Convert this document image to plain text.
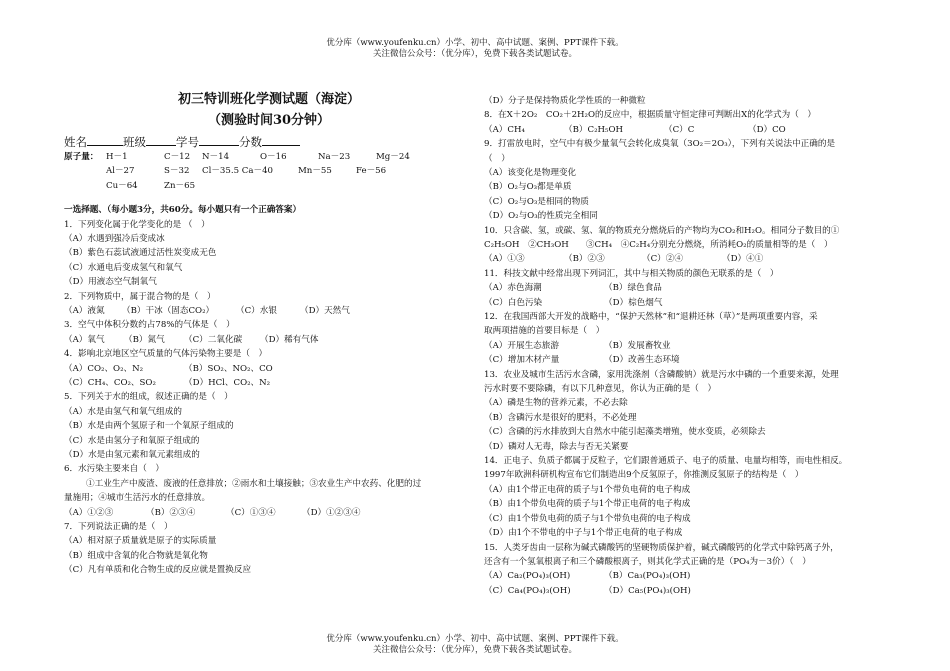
优分库（www.youfenku.cn）小学、初中、高中试题、案例、PPT课件下载。
关注微信公众号：（优分库），免费下载各类试题试卷。
初三特训班化学测试题（海淀）
（测验时间30分钟）
姓名	班级	学号	分数
原子量： H－1	C－12 N－14	O－16	Na－23	Mg－24
Al－27	S－32 Cl－35.5 Ca－40	Mn－55	Fe－56
Cu－64	Zn－65
一选择题、（每小题3分，共60分。每小题只有一个正确答案）
1．下列变化属于化学变化的是 （　）
（A）水遇到强冷后变成冰
（B）紫色石蕊试液通过活性炭变成无色
（C）水通电后变成氢气和氧气
（D）用液态空气制氧气
2．下列物质中，属于混合物的是（　）
（A）液氮 （B）干冰（固态CO₂）	（C）水银	（D）天然气
3．空气中体积分数约占78%的气体是（　）
（A）氧气 （B）氮气 （C）二氧化碳 （D）稀有气体
4．影响北京地区空气质量的气体污染物主要是（　）
（A）CO₂、O₂、N₂	（B）SO₂、NO₂、CO
（C）CH₄、CO₂、SO₂	（D）HCl、CO₂、N₂
5．下列关于水的组成，叙述正确的是（　）
（A）水是由氢气和氧气组成的
（B）水是由两个氢原子和一个氧原子组成的
（C）水是由氢分子和氧原子组成的
（D）水是由氢元素和氧元素组成的
6．水污染主要来自（　）
①工业生产中废渣、废液的任意排放；②雨水和土壤接触；③农业生产中农药、化肥的过
量施用；④城市生活污水的任意排放。
（A）①②③	（B）②③④	（C）①③④	（D）①②③④
7．下列说法正确的是（　）
（A）相对原子质量就是原子的实际质量
（B）组成中含氧的化合物就是氧化物
（C）凡有单质和化合物生成的反应就是置换反应
（D）分子是保持物质化学性质的一种微粒
8．在X＋2O₂　CO₂＋2H₂O的反应中，根据质量守恒定律可判断出X的化学式为（　）
（A）CH₄	（B）C₂H₅OH	（C）C	（D）CO
9．打雷放电时，空气中有极少量氧气会转化成臭氧（3O₂＝2O₃），下列有关说法中正确的是
（　）
（A）该变化是物理变化
（B）O₂与O₃都是单质
（C）O₂与O₃是相同的物质
（D）O₂与O₃的性质完全相同
10．只含碳、氢，或碳、氢、氧的物质充分燃烧后的产物均为CO₂和H₂O。相同分子数目的①
C₂H₅OH　②CH₃OH　　③CH₄　④C₂H₄分别充分燃烧，所消耗O₂的质量相等的是（　）
（A）①③	（B）②③	（C）②④	（D）④①
11．科技文献中经常出现下列词汇，其中与相关物质的颜色无联系的是（　）
（A）赤色海潮	（B）绿色食品
（C）白色污染	（D）棕色烟气
12．在我国西部大开发的战略中，“保护天然林”和“退耕还林（草）”是两项重要内容，采
取两项措施的首要目标是（　）
（A）开展生态旅游	（B）发展畜牧业
（C）增加木材产量	（D）改善生态环境
13．农业及城市生活污水含磷，家用洗涤剂（含磷酸钠）就是污水中磷的一个重要来源，处理
污水时要不要除磷，有以下几种意见，你认为正确的是（　）
（A）磷是生物的营养元素，不必去除
（B）含磷污水是很好的肥料，不必处理
（C）含磷的污水排放到大自然水中能引起藻类增殖，使水变质，必须除去
（D）磷对人无毒，除去与否无关紧要
14．正电子、负质子都属于反粒子，它们跟普通质子、电子的质量、电量均相等，而电性相反。
1997年欧洲科研机构宣布它们制造出9个反氢原子，你推测反氢原子的结构是（　）
（A）由1个带正电荷的质子与1个带负电荷的电子构成
（B）由1个带负电荷的质子与1个带正电荷的电子构成
（C）由1个带负电荷的质子与1个带负电荷的电子构成
（D）由1个不带电的中子与1个带正电荷的电子构成
15．人类牙齿由一层称为碱式磷酸钙的坚硬物质保护着，碱式磷酸钙的化学式中除钙离子外，
还含有一个氢氧根离子和三个磷酸根离子，则其化学式正确的是（PO₄为－3价）（　）
（A）Ca₂(PO₄)₃(OH)	（B）Ca₃(PO₄)₃(OH)
（C）Ca₄(PO₄)₃(OH)	（D）Ca₅(PO₄)₃(OH)
优分库（www.youfenku.cn）小学、初中、高中试题、案例、PPT课件下载。
关注微信公众号：（优分库），免费下载各类试题试卷。
